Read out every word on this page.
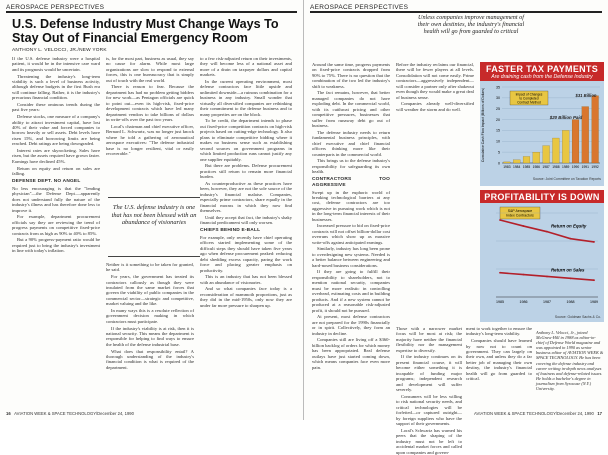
AEROSPACE PERSPECTIVES
U.S. Defense Industry Must Change Ways To Stay Out of Financial Emergency Room
ANTHONY L. VELOCCI, JR./NEW YORK

If the U.S. defense industry were a hospital patient, it would be in the intensive care ward and its prognosis would be uncertain.

Threatening the industry's long-term viability is such a level of business activity, although defense budgets in the first Bush era will continue falling. Rather, it is the industry's precarious financial condition.

Consider these ominous trends during the past five years:

Defense stocks, one measure of a company's ability to attract investment capital, have lost 40% of their value and forced companies to borrow heavily or sell assets. Debt levels have risen 15%, and borrowing limits are being reached. Debt ratings are being downgraded.

Interest rates are skyrocketing. Sales have risen, but the assets required have grown faster. Earnings have declined 45%.

Return on equity and return on sales are falling.

DEFENSE DEPT. NO ANGEL

No less encouraging is that the "lending physician"—the Defense Dept.—apparently does not understand fully the nature of the industry's illness and has therefore done less to improve it.

For example, department procurement officials say they are reviewing the trend of progress payments on competitive fixed-price contracts from as high as 90% to 40% to 85%.

But a 90% progress-payment ratio would be required just to bring the industry's investment in line with today's inflation.

is, for the most part, business as usual, they say no cause for alarm. While most large organizations are slow to respond to external forces, this is one bureaucracy that is simply out of touch with the real world.

There is reason to fear. Because the department has had no problem getting bidders for new work—as Pentagon officials are quick to point out—even its high-risk, fixed-price development contracts which have led many department vendors to take billions of dollars in write-offs over the past two years.

Local's chairman and chief executive officer, Bernard L. Schwartz, was no longer just knock where he told a gathering of aeronautical aerospace executives: "The defense industrial base is no longer resilient, vital or easily recoverable."

The U.S. defense industry is one that has not been blessed with an abundance of visionaries

Neither is it something to be taken for granted, he said.

For years, the government has treated its contractors callously as though they were insulated from the same market forces that govern the viability of public companies in the commercial sector—strategic and competitive, market valuing and the like.

In many ways this is a resolute reflection of government decision making in which contractors must participate.

If the industry's viability is at risk, then it is national security. This means the department is responsible for helping to find ways to ensure the health of the defense industrial base.

What does that responsibility entail? A thorough understanding of the industry's financial condition is what is required of the department.

to a few risk-adjusted return on their investments, they will become less of a national asset and more of a drain on taxpayer dollars and capital markets.

In the current operating environment, most defense contractors face little upside and unlimited downside—a ruinous combination for a business in any industry. Small wonder that virtually all diversified companies are rethinking their commitment to the defense business and to many properties are on the block.

To be credit, the department intends to phase out fixed-price competition contracts on high-risk projects based on cutting-edge technology. It also plans to eliminate competitive bidding where it makes no business sense such as establishing second sources on government programs in which limited production runs cannot justify any one supplier equitably.

But there are problems. Defense procurement practices still return to remain more financial burden.

As counterproductive as these practices have been, however, they are not the sole source of the industry's financial malaise. Companies, especially prime contractors, share equally in the financial morass in which they now find themselves.

Until they accept that fact, the industry's shaky financial predicament will only worsen.

CHIEFS BEHIND E-BALL

For example, only recently have chief operating officers started implementing some of the difficult steps they should have taken five years ago when defense procurement peaked: reducing debt shedding excess capacity, paring the work force and placing greater emphasis on productivity.

This is an industry that has not been blessed with an abundance of visionaries.

And so what companies face today is a reconsideration of mammoth proportions, just as they did in the mid-1950s, only now they are under far more pressure to sharpen up.

16 AVIATION WEEK & SPACE TECHNOLOGY/December 24, 1990
AEROSPACE PERSPECTIVES
Unless companies improve management of their own destinies, the industry's financial health will go from guarded to critical

Around the same time, progress payments on fixed-price contracts dropped from 90% to 75%. There is no question that the combination of the two led the industry's shift to weakness.

The fact remains, however, that better managed companies do not have exploding debt. In the commercial world, with its cutthroat pricing and other competitive pressures, businesses that suffer from runaway debt go out of business.

The defense industry needs to return fundamental business principles, with chief executive and chief financial officers thinking more like their counterparts in the commercial world.

This brings us to the defense industry's responsibility for safeguarding its own health.

CONTRACTORS TOO AGGRESSIVE

Swept up in the euphoric world of breaking technological barriers at any cost, defense contractors are too aggressive in pursuing work which is not in the long-term financial interests of their businesses.

Increased pressure to bid on fixed-price contracts will not offset billion-dollar cost overruns which show up as massive write-offs against anticipated earnings.

Similarly, industry has long been prone to overdesigning new systems. Needed is a better balance between engineering and hard-nosed business considerations.

If they are going to fulfill their responsibility to shareholders, not to mention national security, companies must be more realistic in controlling overhead, estimating costs and in building products. And if a new system cannot be produced at a reasonable risk-adjusted profit, it should not be pursued.

At present, most defense contractors are not prepared for the 1990s financially or in spirit. Collectively, they form an industry in decline.

Companies still are living off a $360-billion backlog of orders for which money has been appropriated. Real defense outlays have just started coming down, which means companies face even more pain.

Before the industry reclaims our financial, there will be fewer players at all levels. Consolidation will not come easily. Prime contractors—aggressively independent—will consider a partner only after shakeout even though they would make a great deal of business sense.

Companies already well-diversified will weather the storm and do well.

FASTER TAX PAYMENTS
Are draining cash from the Defense Industry
Cumulative Cash Flow Impact (Billions of Dollars)
0
5
10
15
20
25
30
35
1983 1984 1985 1986 1987 1988 1989 1990 1991 1992
Impact of Changes
to Completed
Contract Method
$20 Billion Paid
$31 Billion
Source: Joint Committee on Taxation Reports
PROFITABILITY IS DOWN
S&P Aerospace
Index Contractors
Return on Equity
Return on Sales
1985	1986	1987	1988	1989
Source: Goldman Sachs & Co.

Those with a narrower market focus will be most at risk; the majority have neither the financial flexibility nor the management expertise to diversify.

If the industry continues on its present financial course, it will become either something it is incapable of funding major programs; independent research and development will suffer severely.

Consumers will be less willing to risk national security needs, and critical technologies will be forfeited—or captured outright—by foreign suppliers who have the support of their governments.

Loral's Schwartz has warned his peers that the shaping of the industry must not be left to accidental market forces and called upon companies and govern-

ment to work together to ensure the industry's long-term viability.

Companies should have learned by now not to count on government. They can largely on their own, and unless they do a far better job of managing their own destiny, the industry's financial health will go from guarded to critical.

Anthony L. Velocci, Jr., joined McGraw-Hill in 1988 as editor-in-chief of Defense World magazine and was appointed in 1990 as senior business editor of AVIATION WEEK & SPACE TECHNOLOGY. He has been covering the defense industry and career writing in-depth news analyses of business and defense-related issues. He holds a bachelor's degree in journalism from Syracuse (N.Y.) University.
AVIATION WEEK & SPACE TECHNOLOGY/December 24, 1990 17
